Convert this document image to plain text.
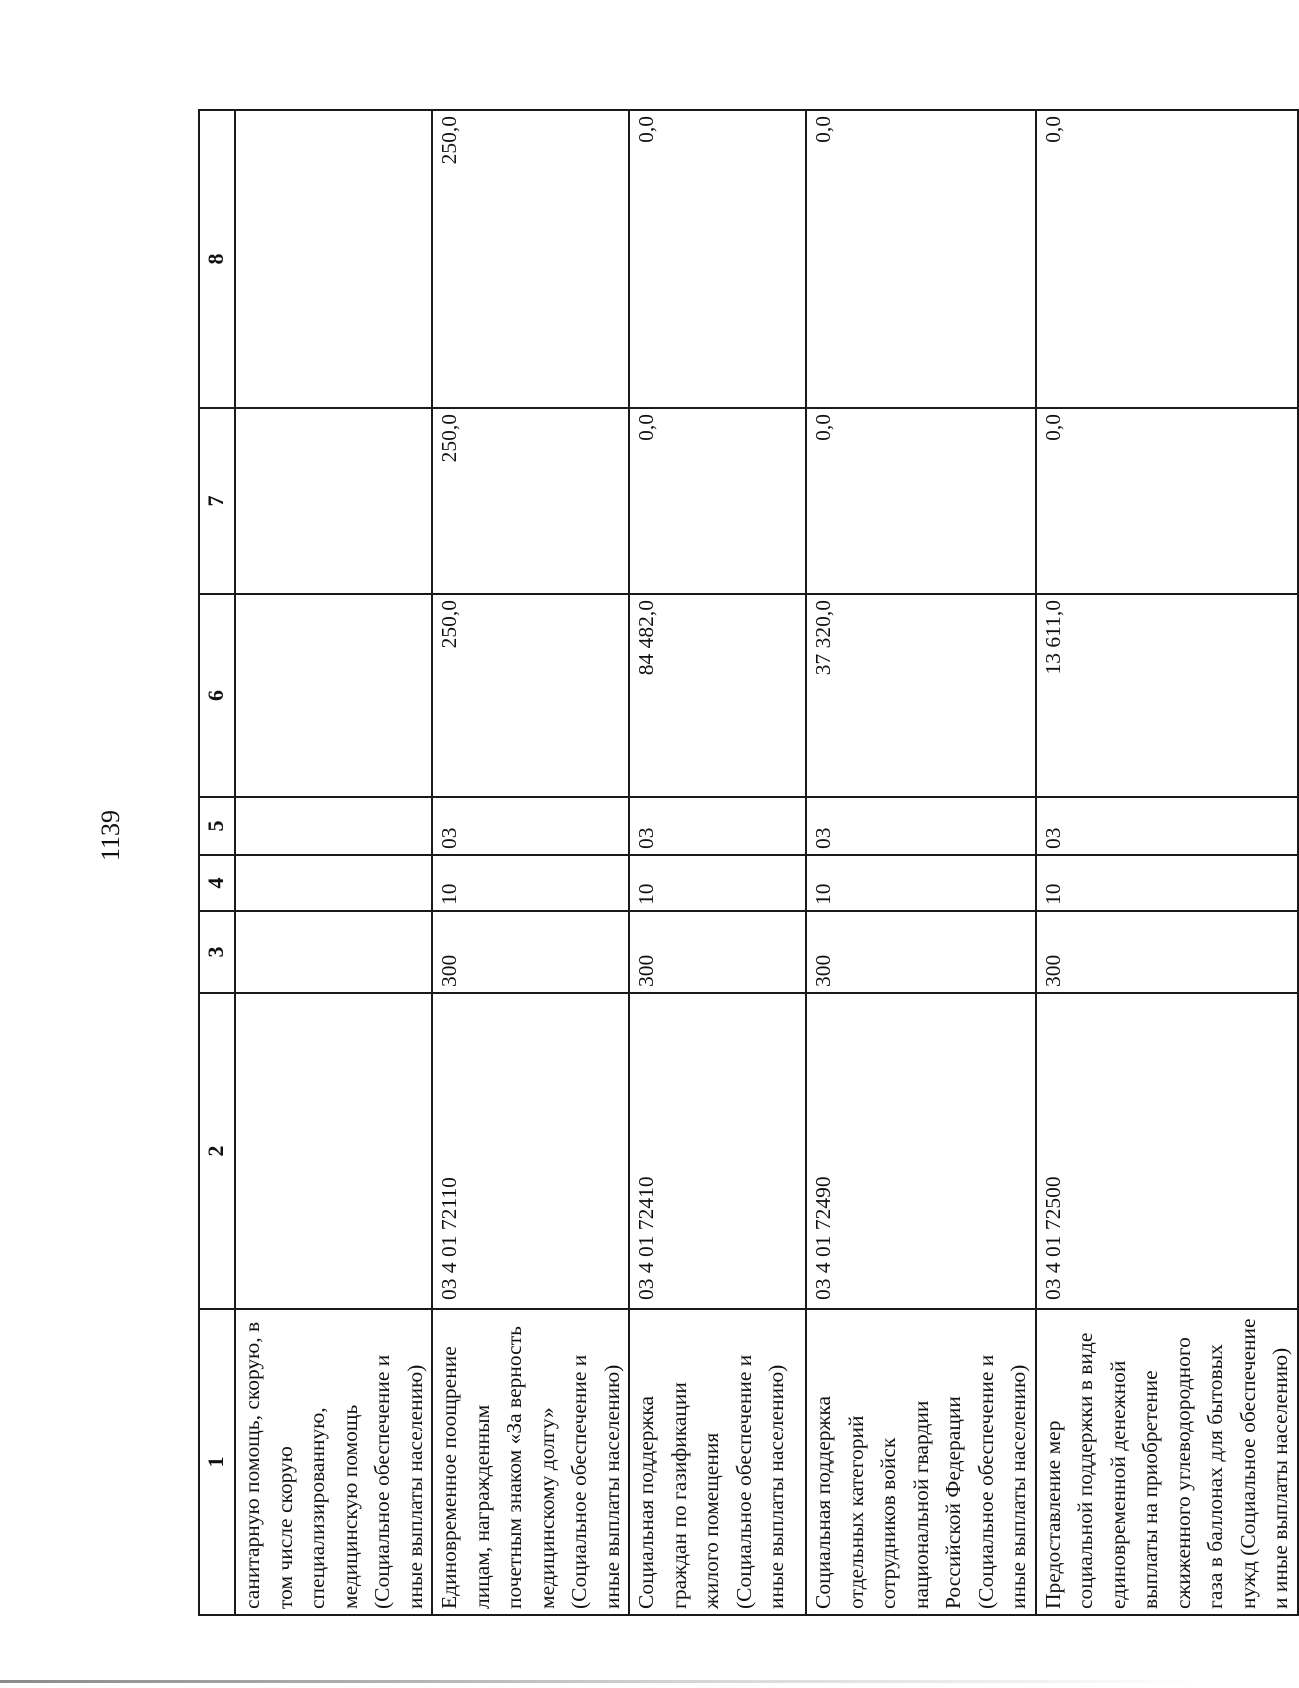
1139
1	2	3	4	5	6	7	8
санитарную помощь, скорую, в том числе скорую специализированную, медицинскую помощь (Социальное обеспечение и иные выплаты населению)							
Единовременное поощрение лицам, награжденным почетным знаком «За верность медицинскому долгу» (Социальное обеспечение и иные выплаты населению)	03 4 01 72110	300	10	03	250,0	250,0	250,0
Социальная поддержка граждан по газификации жилого помещения (Социальное обеспечение и иные выплаты населению)	03 4 01 72410	300	10	03	84 482,0	0,0	0,0
Социальная поддержка отдельных категорий сотрудников войск национальной гвардии Российской Федерации (Социальное обеспечение и иные выплаты населению)	03 4 01 72490	300	10	03	37 320,0	0,0	0,0
Предоставление мер социальной поддержки в виде единовременной денежной выплаты на приобретение сжиженного углеводородного газа в баллонах для бытовых нужд (Социальное обеспечение и иные выплаты населению)	03 4 01 72500	300	10	03	13 611,0	0,0	0,0
